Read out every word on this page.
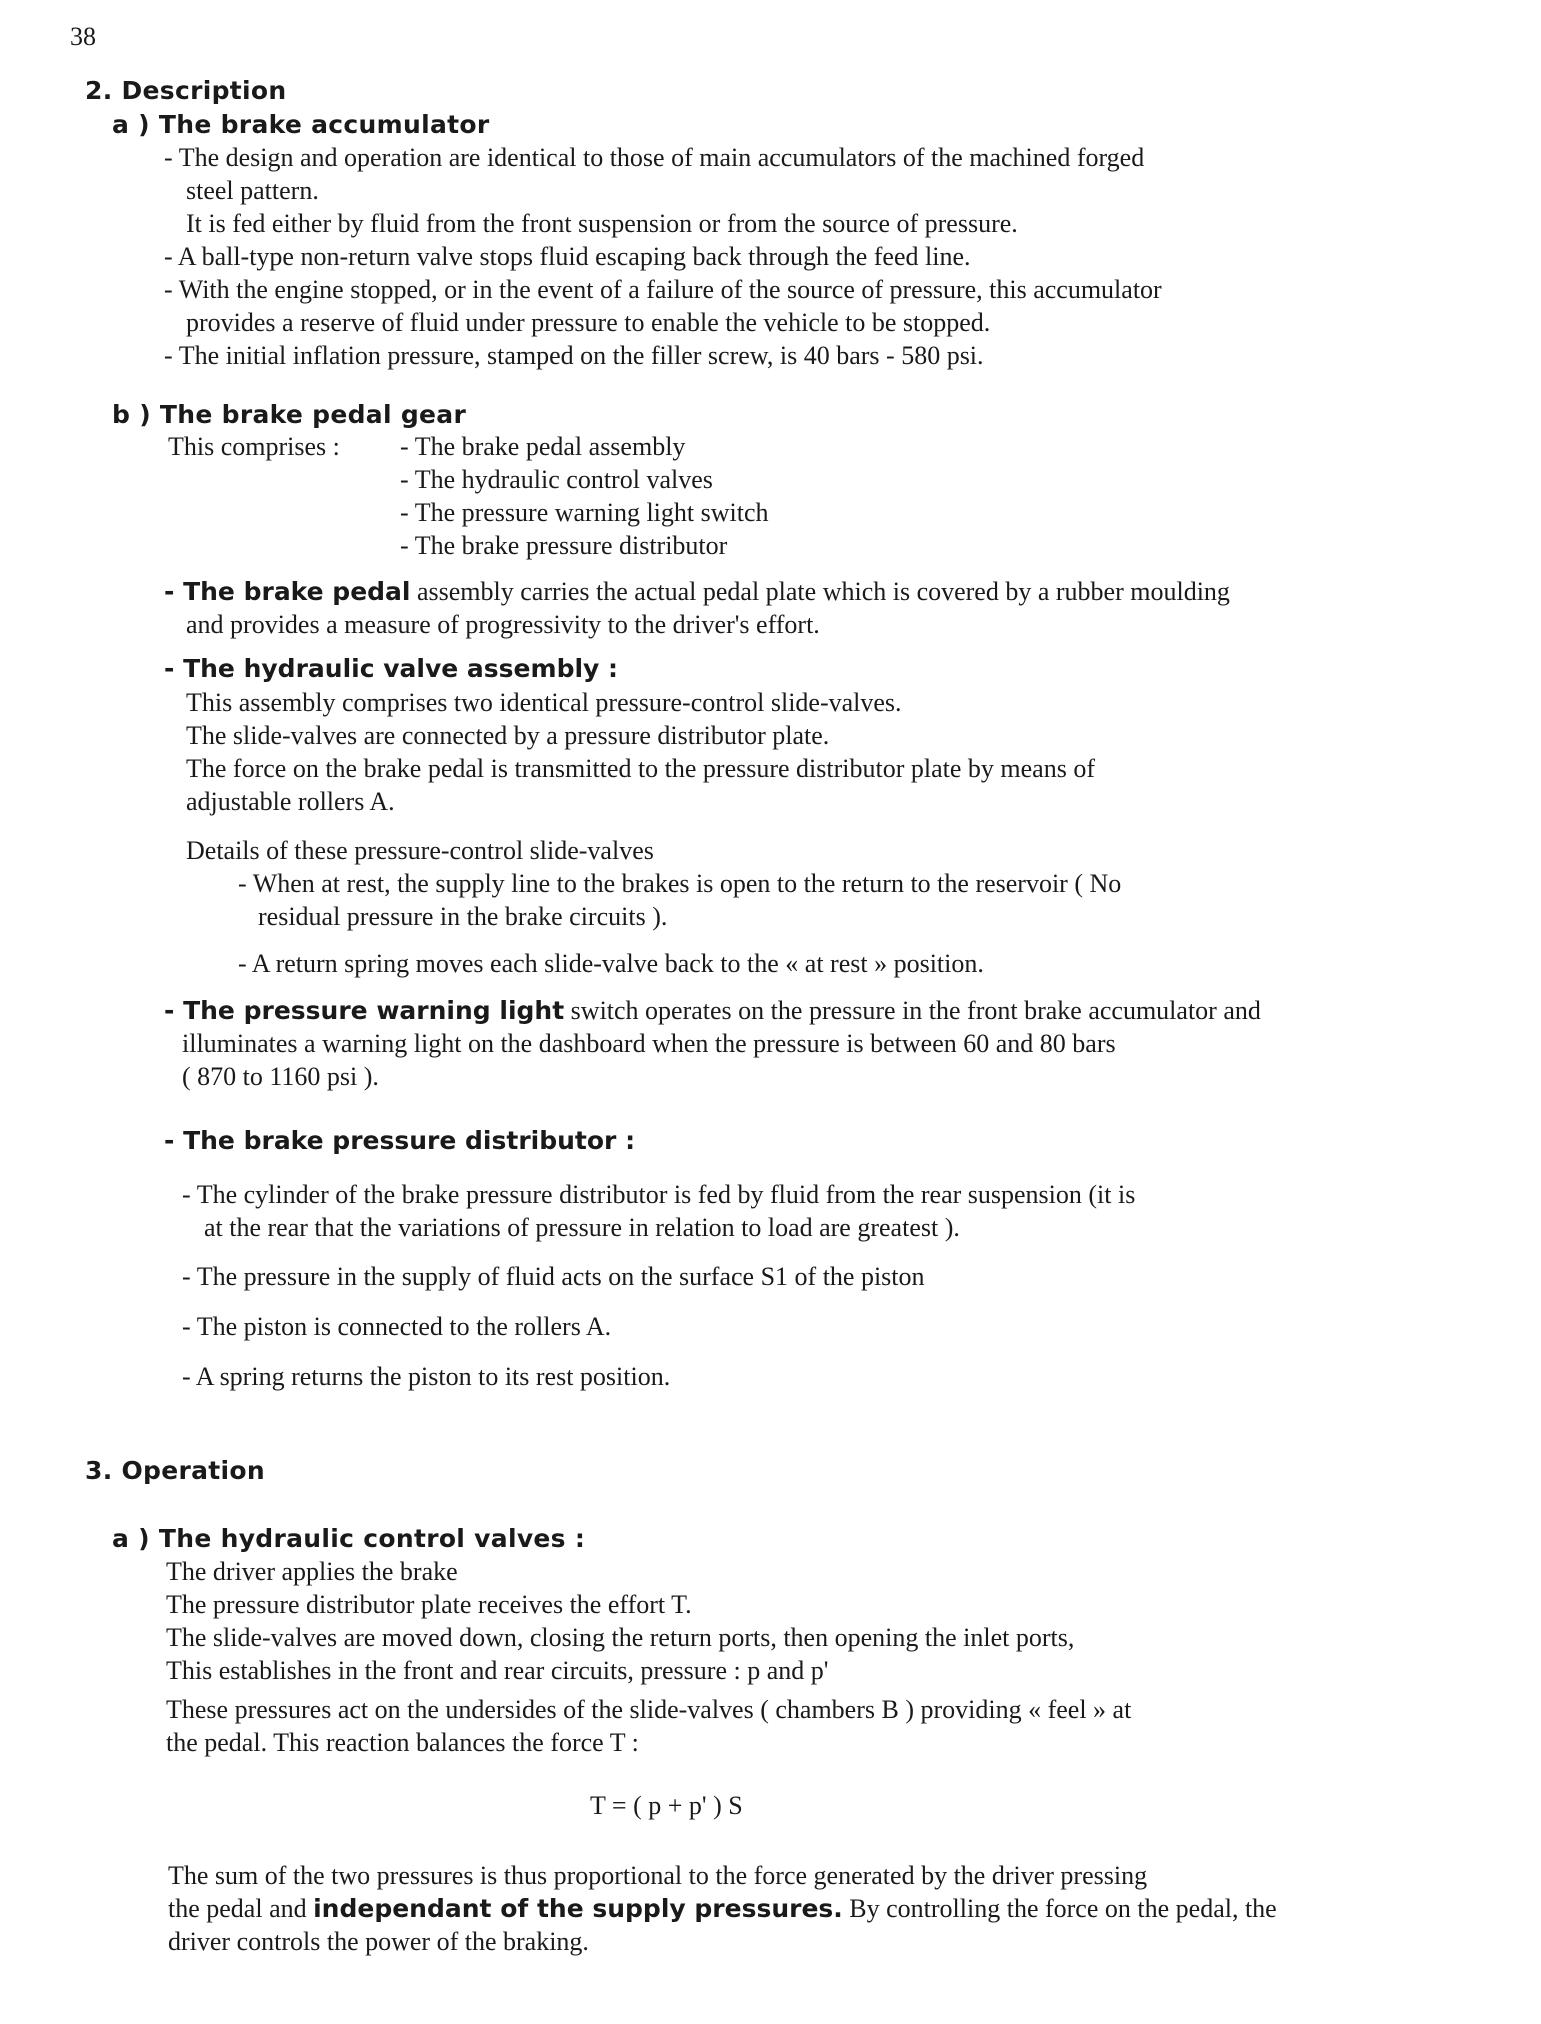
38
2. Description
a ) The brake accumulator
- The design and operation are identical to those of main accumulators of the machined forged
steel pattern.
It is fed either by fluid from the front suspension or from the source of pressure.
- A ball-type non-return valve stops fluid escaping back through the feed line.
- With the engine stopped, or in the event of a failure of the source of pressure, this accumulator
provides a reserve of fluid under pressure to enable the vehicle to be stopped.
- The initial inflation pressure, stamped on the filler screw, is 40 bars - 580 psi.
b ) The brake pedal gear
This comprises : - The brake pedal assembly
- The hydraulic control valves
- The pressure warning light switch
- The brake pressure distributor
- The brake pedal assembly carries the actual pedal plate which is covered by a rubber moulding
and provides a measure of progressivity to the driver's effort.
- The hydraulic valve assembly :
This assembly comprises two identical pressure-control slide-valves.
The slide-valves are connected by a pressure distributor plate.
The force on the brake pedal is transmitted to the pressure distributor plate by means of
adjustable rollers A.
Details of these pressure-control slide-valves
- When at rest, the supply line to the brakes is open to the return to the reservoir ( No
residual pressure in the brake circuits ).
- A return spring moves each slide-valve back to the « at rest » position.
- The pressure warning light switch operates on the pressure in the front brake accumulator and
illuminates a warning light on the dashboard when the pressure is between 60 and 80 bars
( 870 to 1160 psi ).
- The brake pressure distributor :
- The cylinder of the brake pressure distributor is fed by fluid from the rear suspension (it is
at the rear that the variations of pressure in relation to load are greatest ).
- The pressure in the supply of fluid acts on the surface S1 of the piston
- The piston is connected to the rollers A.
- A spring returns the piston to its rest position.
3. Operation
a ) The hydraulic control valves :
The driver applies the brake
The pressure distributor plate receives the effort T.
The slide-valves are moved down, closing the return ports, then opening the inlet ports,
This establishes in the front and rear circuits, pressure : p and p'
These pressures act on the undersides of the slide-valves ( chambers B ) providing « feel » at
the pedal. This reaction balances the force T :
T = ( p + p' ) S
The sum of the two pressures is thus proportional to the force generated by the driver pressing
the pedal and independant of the supply pressures. By controlling the force on the pedal, the
driver controls the power of the braking.
